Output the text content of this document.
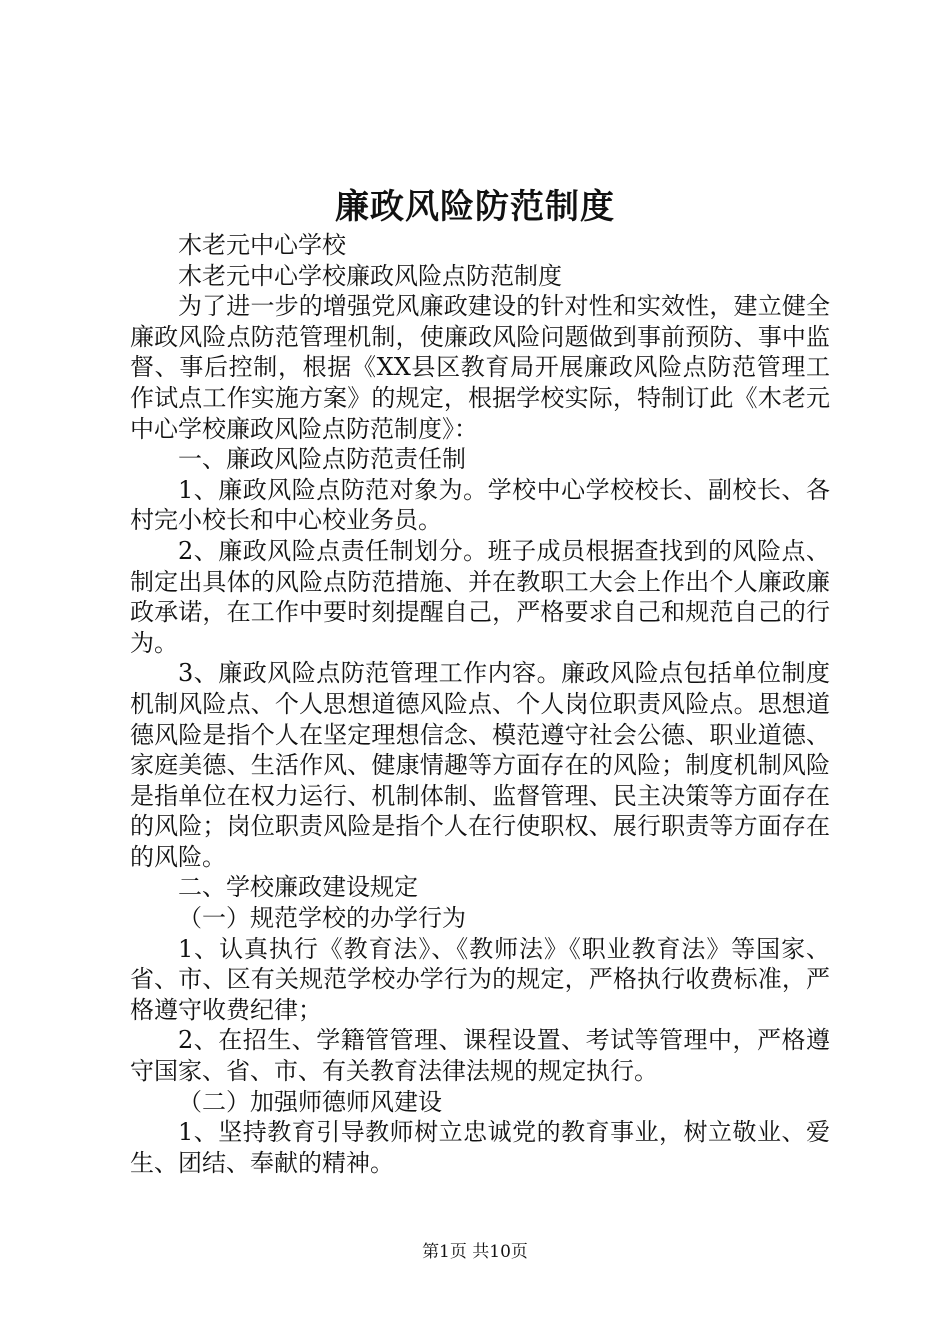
廉政风险防范制度

木老元中心学校

木老元中心学校廉政风险点防范制度

为了进一步的增强党风廉政建设的针对性和实效性，建立健全廉政风险点防范管理机制，使廉政风险问题做到事前预防、事中监督、事后控制，根据《XX县区教育局开展廉政风险点防范管理工作试点工作实施方案》的规定，根据学校实际，特制订此《木老元中心学校廉政风险点防范制度》：

一、廉政风险点防范责任制

1、廉政风险点防范对象为。学校中心学校校长、副校长、各村完小校长和中心校业务员。

2、廉政风险点责任制划分。班子成员根据查找到的风险点、制定出具体的风险点防范措施、并在教职工大会上作出个人廉政廉政承诺，在工作中要时刻提醒自己，严格要求自己和规范自己的行为。

3、廉政风险点防范管理工作内容。廉政风险点包括单位制度机制风险点、个人思想道德风险点、个人岗位职责风险点。思想道德风险是指个人在坚定理想信念、模范遵守社会公德、职业道德、家庭美德、生活作风、健康情趣等方面存在的风险；制度机制风险是指单位在权力运行、机制体制、监督管理、民主决策等方面存在的风险；岗位职责风险是指个人在行使职权、展行职责等方面存在的风险。

二、学校廉政建设规定

（一）规范学校的办学行为

1、认真执行《教育法》、《教师法》《职业教育法》等国家、省、市、区有关规范学校办学行为的规定，严格执行收费标准，严格遵守收费纪律；

2、在招生、学籍管管理、课程设置、考试等管理中，严格遵守国家、省、市、有关教育法律法规的规定执行。

（二）加强师德师风建设

1、坚持教育引导教师树立忠诚党的教育事业，树立敬业、爱生、团结、奉献的精神。

第1页 共10页
